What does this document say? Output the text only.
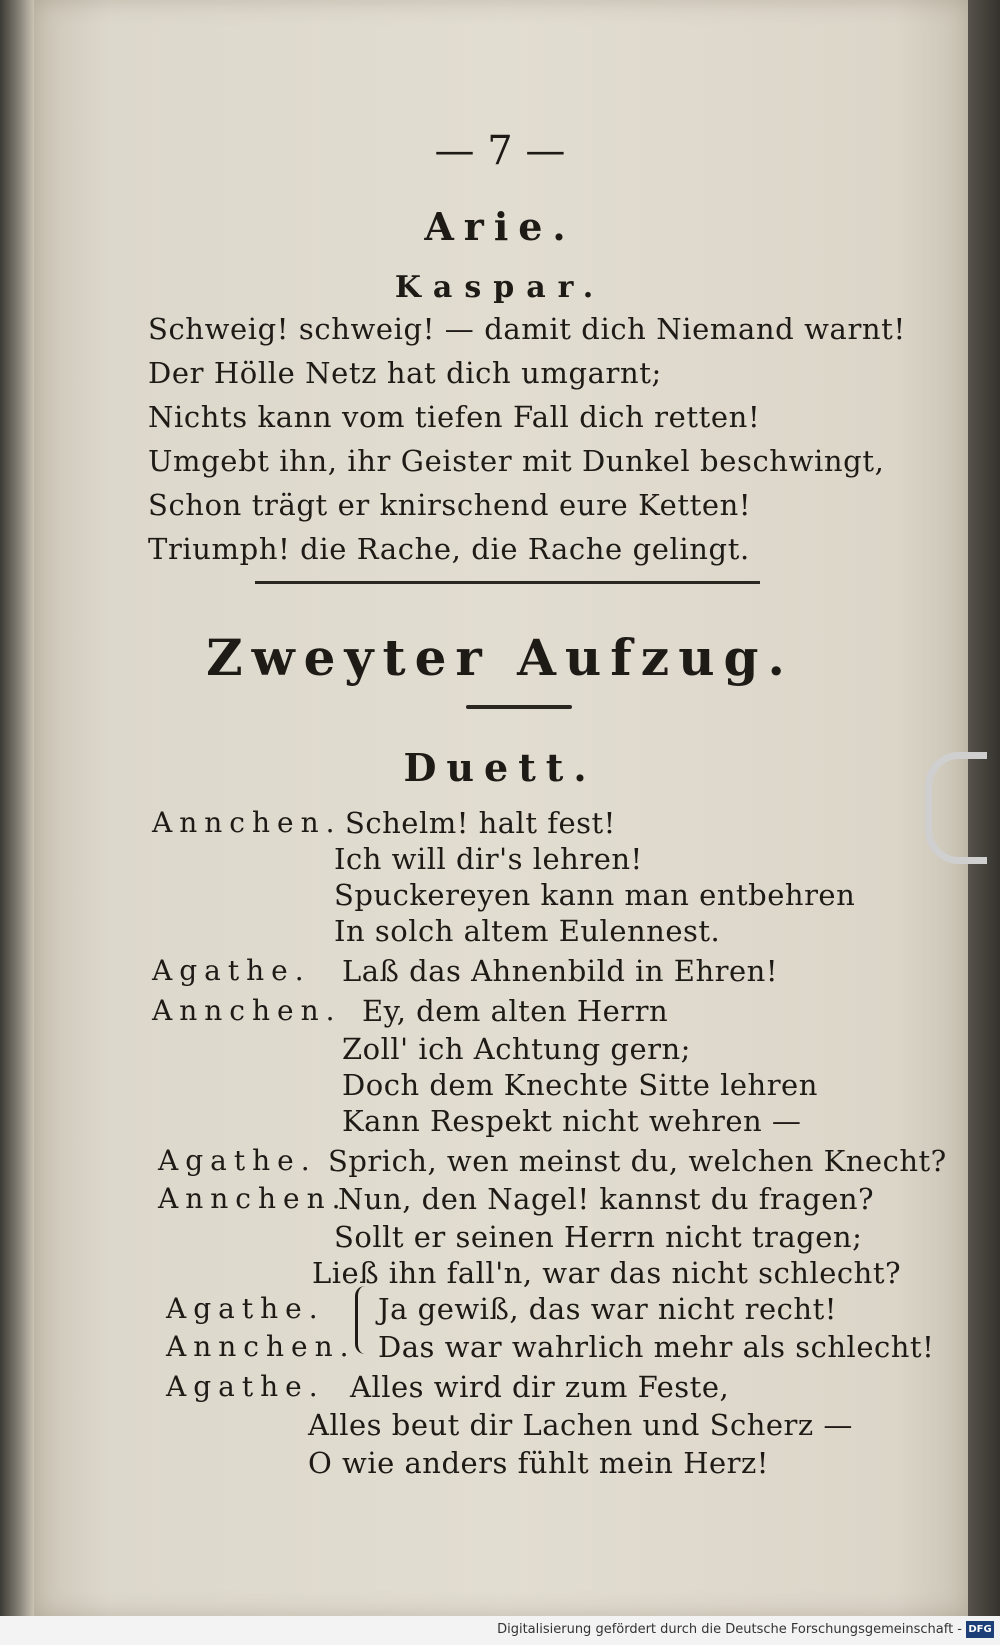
— 7 —
Arie.
Kaspar.
Schweig! schweig! — damit dich Niemand warnt!
Der Hölle Netz hat dich umgarnt;
Nichts kann vom tiefen Fall dich retten!
Umgebt ihn, ihr Geister mit Dunkel beschwingt,
Schon trägt er knirschend eure Ketten!
Triumph! die Rache, die Rache gelingt.
Zweyter Aufzug.
Duett.
Annchen. Schelm! halt fest!
Ich will dir's lehren!
Spuckereyen kann man entbehren
In solch altem Eulennest.
Agathe. Laß das Ahnenbild in Ehren!
Annchen. Ey, dem alten Herrn
Zoll' ich Achtung gern;
Doch dem Knechte Sitte lehren
Kann Respekt nicht wehren —
Agathe. Sprich, wen meinst du, welchen Knecht?
Annchen.
Nun, den Nagel! kannst du fragen?
Sollt er seinen Herrn nicht tragen;
Ließ ihn fall'n, war das nicht schlecht?
Agathe. Ja gewiß, das war nicht recht!
Annchen. Das war wahrlich mehr als schlecht!
Agathe. Alles wird dir zum Feste,
Alles beut dir Lachen und Scherz —
O wie anders fühlt mein Herz!
Digitalisierung gefördert durch die Deutsche Forschungsgemeinschaft - DFG
